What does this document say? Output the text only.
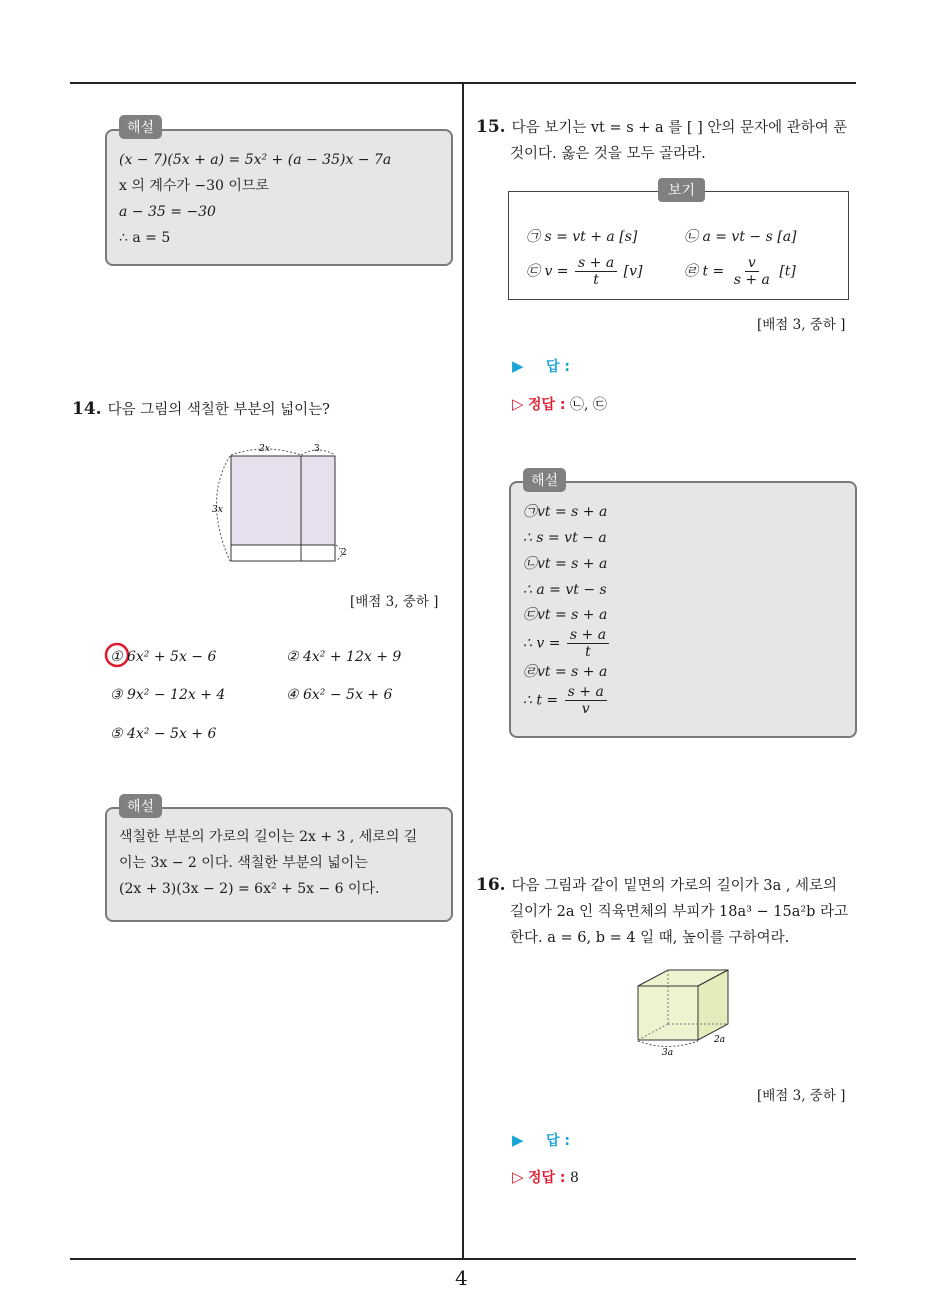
4
(x − 7)(5x + a) = 5x² + (a − 35)x − 7a
x 의 계수가 −30 이므로
a − 35 = −30
∴ a = 5
해설
14. 다음 그림의 색칠한 부분의 넓이는?
2x	3
3x
2
[배점 3, 중하 ]
① 6x² + 5x − 6	② 4x² + 12x + 9
③ 9x² − 12x + 4	④ 6x² − 5x + 6
⑤ 4x² − 5x + 6
색칠한 부분의 가로의 길이는 2x + 3 , 세로의 길
이는 3x − 2 이다. 색칠한 부분의 넓이는
(2x + 3)(3x − 2) = 6x² + 5x − 6 이다.
해설
15. 다음 보기는 vt = s + a 를 [ ] 안의 문자에 관하여 푼
것이다. 옳은 것을 모두 골라라.
보기
㉠ s = vt + a [s]	㉡ a = vt − s [a]
㉢ $v = \frac{s + a}{t} [v]$	㉣ $t = \frac{v}{s + a} [t]$
[배점 3, 중하 ]
▶ 답 :
▷ 정답 : ㉡, ㉢
㉠vt = s + a
∴ s = vt − a
㉡vt = s + a
∴ a = vt − s
㉢vt = s + a
∴ $v = \frac{s + a}{t}$
㉣vt = s + a
∴ $t = \frac{s + a}{v}$
해설
16. 다음 그림과 같이 밑면의 가로의 길이가 3a , 세로의
길이가 2a 인 직육면체의 부피가 18a³ − 15a²b 라고
한다. a = 6, b = 4 일 때, 높이를 구하여라.
3a
2a
[배점 3, 중하 ]
▶ 답 :
▷ 정답 : 8
